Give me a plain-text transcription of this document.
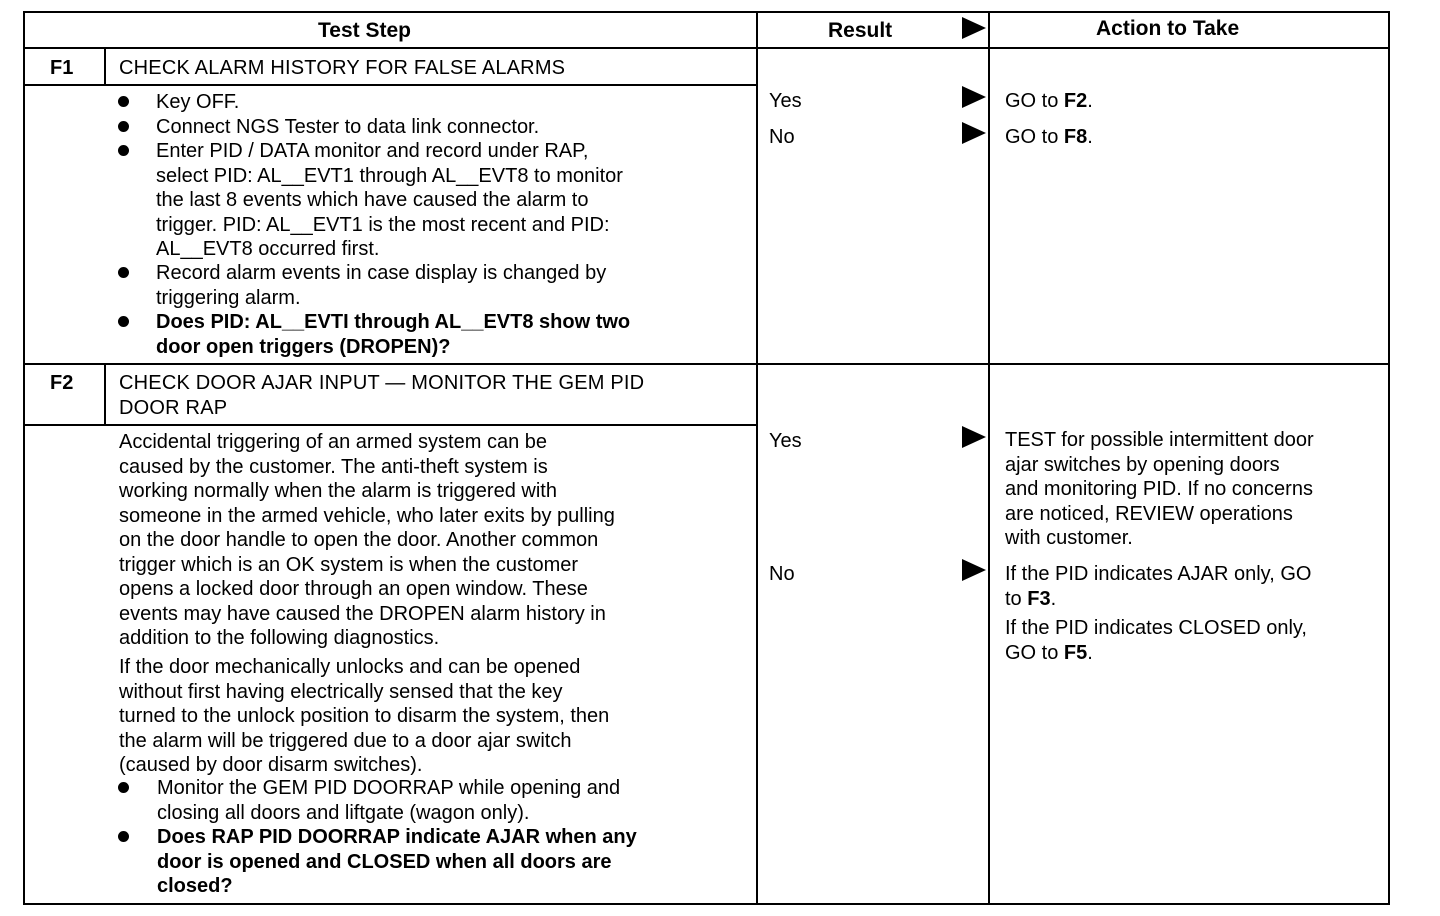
Test Step	Result	Action to Take
F1 CHECK ALARM HISTORY FOR FALSE ALARMS
Key OFF.
Connect NGS Tester to data link connector.
Enter PID / DATA monitor and record under RAP,
select PID: AL__EVT1 through AL__EVT8 to monitor
the last 8 events which have caused the alarm to
trigger. PID: AL__EVT1 is the most recent and PID:
AL__EVT8 occurred first.
Record alarm events in case display is changed by
triggering alarm.
Does PID: AL__EVTI through AL__EVT8 show two
door open triggers (DROPEN)?
Yes
No
GO to F2.
GO to F8.
F2 CHECK DOOR AJAR INPUT — MONITOR THE GEM PID
DOOR RAP
Accidental triggering of an armed system can be
caused by the customer. The anti-theft system is
working normally when the alarm is triggered with
someone in the armed vehicle, who later exits by pulling
on the door handle to open the door. Another common
trigger which is an OK system is when the customer
opens a locked door through an open window. These
events may have caused the DROPEN alarm history in
addition to the following diagnostics.
If the door mechanically unlocks and can be opened
without first having electrically sensed that the key
turned to the unlock position to disarm the system, then
the alarm will be triggered due to a door ajar switch
(caused by door disarm switches).
Monitor the GEM PID DOORRAP while opening and
closing all doors and liftgate (wagon only).
Does RAP PID DOORRAP indicate AJAR when any
door is opened and CLOSED when all doors are
closed?
Yes
No
TEST for possible intermittent door
ajar switches by opening doors
and monitoring PID. If no concerns
are noticed, REVIEW operations
with customer.
If the PID indicates AJAR only, GO
to F3.
If the PID indicates CLOSED only,
GO to F5.
